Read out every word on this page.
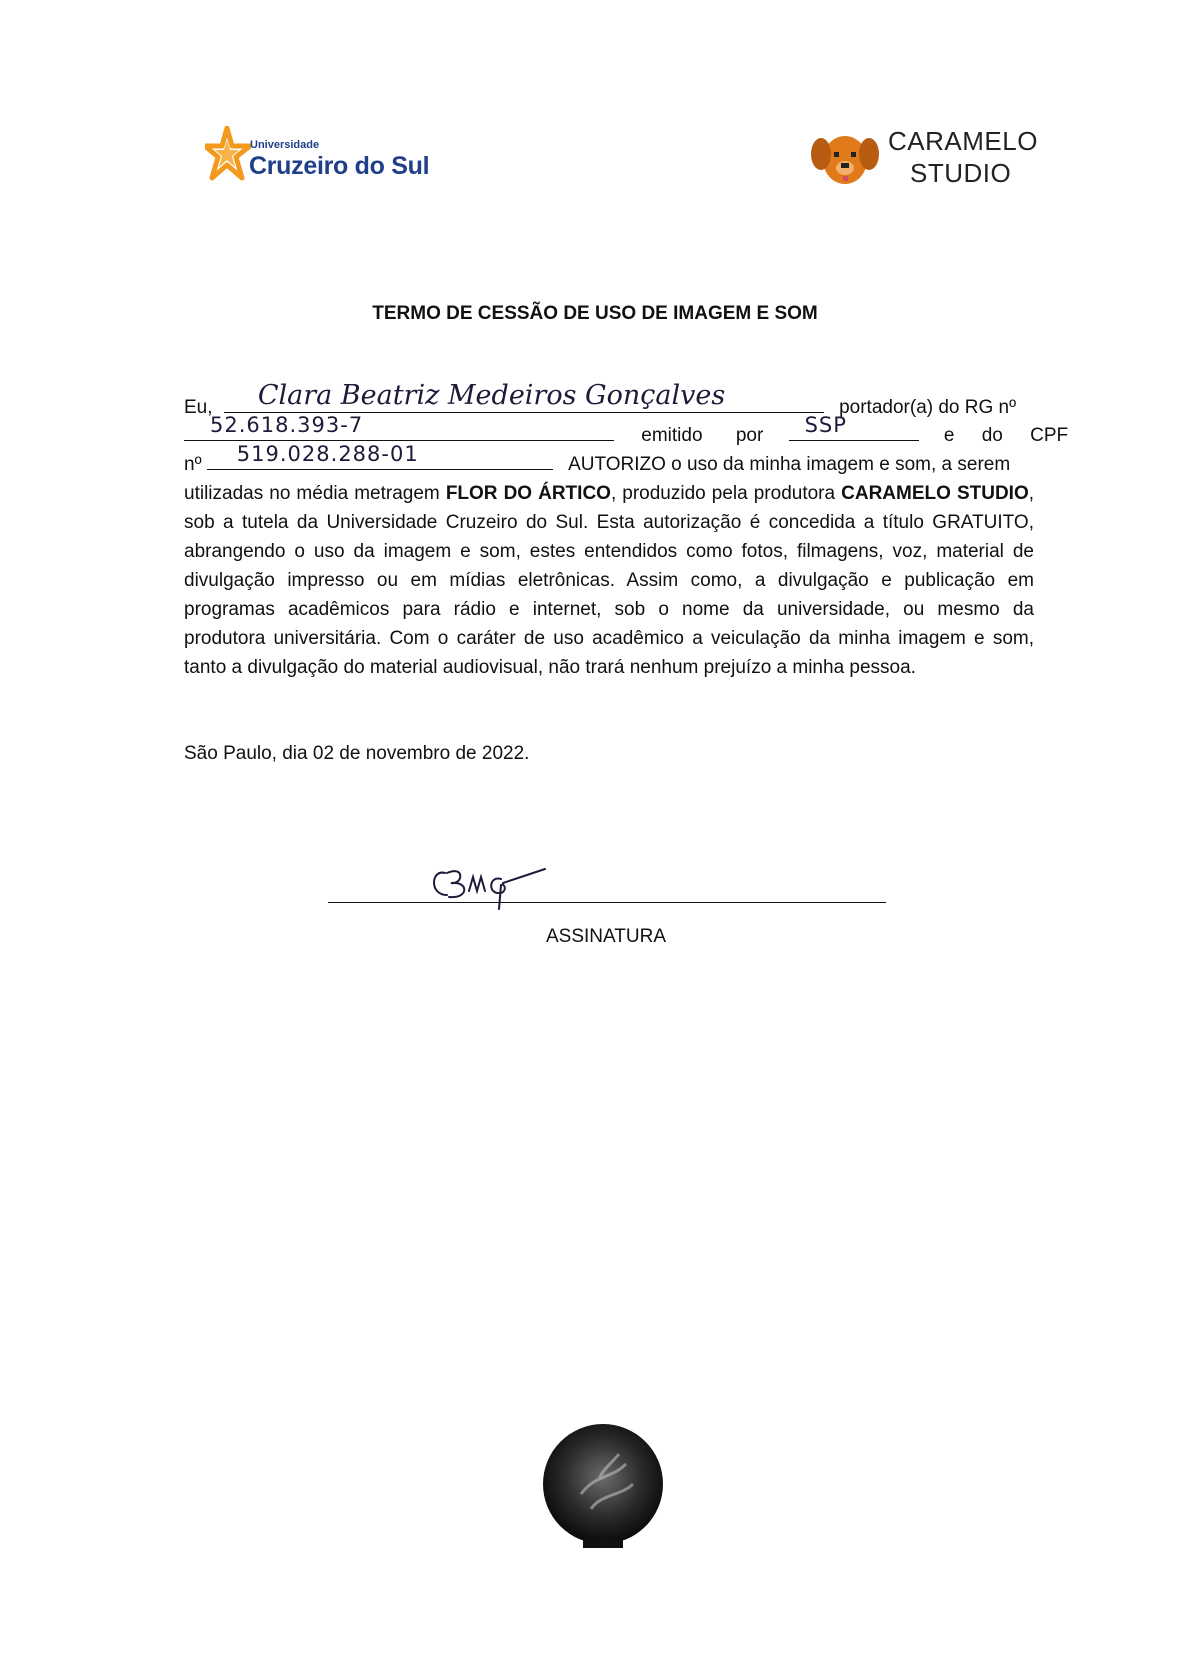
Universidade
Cruzeiro do Sul
CARAMELO
STUDIO
TERMO DE CESSÃO DE USO DE IMAGEM E SOM
Eu, Clara Beatriz Medeiros Gonçalves	portador(a) do RG nº
52.618.393-7	emitido por SSP	e do CPF
nº 519.028.288-01	AUTORIZO o uso da minha imagem e som, a serem
utilizadas no média metragem FLOR DO ÁRTICO, produzido pela produtora CARAMELO STUDIO,
sob a tutela da Universidade Cruzeiro do Sul. Esta autorização é concedida a título GRATUITO,
abrangendo o uso da imagem e som, estes entendidos como fotos, filmagens, voz, material de
divulgação impresso ou em mídias eletrônicas. Assim como, a divulgação e publicação em
programas acadêmicos para rádio e internet, sob o nome da universidade, ou mesmo da
produtora universitária. Com o caráter de uso acadêmico a veiculação da minha imagem e som,
tanto a divulgação do material audiovisual, não trará nenhum prejuízo a minha pessoa.
São Paulo, dia 02 de novembro de 2022.
ASSINATURA
